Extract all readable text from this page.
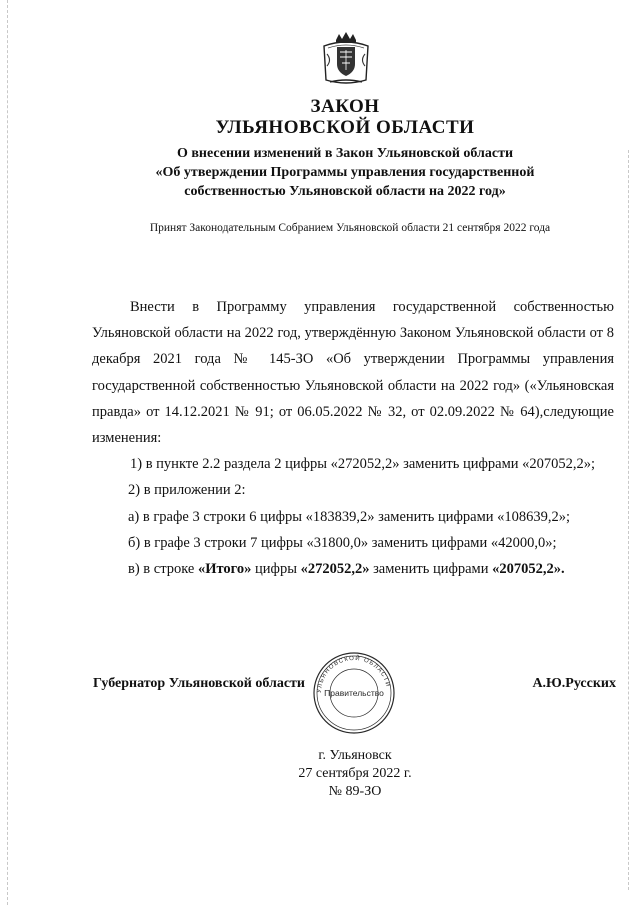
ЗАКОН
УЛЬЯНОВСКОЙ ОБЛАСТИ
О внесении изменений в Закон Ульяновской области
«Об утверждении Программы управления государственной
собственностью Ульяновской области на 2022 год»
Принят Законодательным Собранием Ульяновской области 21 сентября 2022 года
Внести в Программу управления государственной собственностью Ульяновской области на 2022 год, утверждённую Законом Ульяновской области от 8 декабря 2021 года № 145-ЗО «Об утверждении Программы управления государственной собственностью Ульяновской области на 2022 год» («Ульяновская правда» от 14.12.2021 № 91; от 06.05.2022 № 32, от 02.09.2022 № 64),следующие изменения:
1) в пункте 2.2 раздела 2 цифры «272052,2» заменить цифрами «207052,2»;
2) в приложении 2:
а) в графе 3 строки 6 цифры «183839,2» заменить цифрами «108639,2»;
б) в графе 3 строки 7 цифры «31800,0» заменить цифрами «42000,0»;
в) в строке «Итого» цифры «272052,2» заменить цифрами «207052,2».
УЛЬЯНОВСКОЙ ОБЛАСТИ
Правительство
Губернатор Ульяновской области	А.Ю.Русских
г. Ульяновск
27 сентября 2022 г.
№ 89-ЗО
